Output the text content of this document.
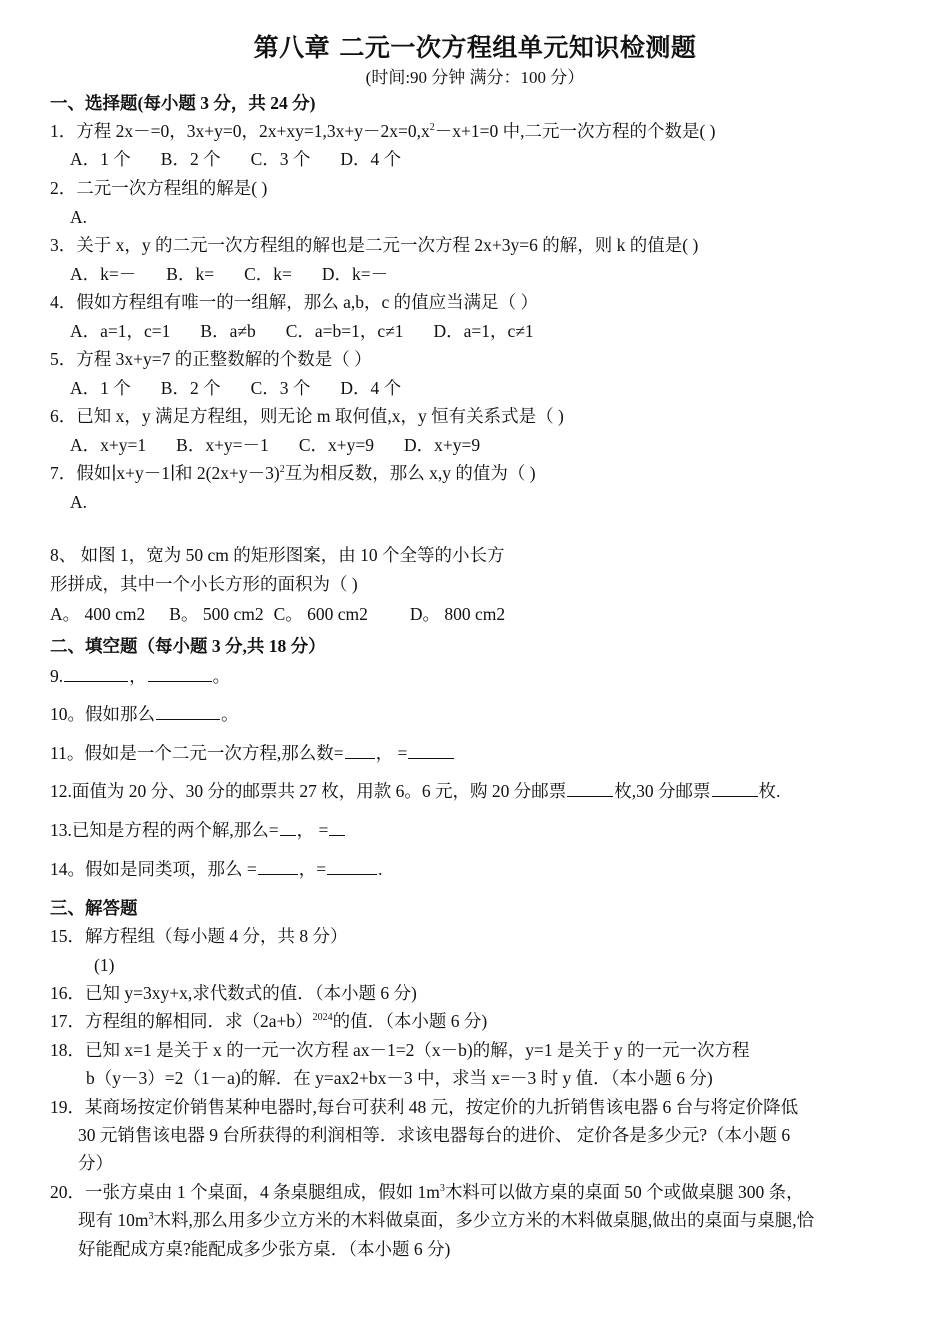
第八章 二元一次方程组单元知识检测题
(时间:90 分钟 满分：100 分）
一、选择题(每小题 3 分，共 24 分)
1．方程 2x－=0，3x+y=0，$2x+xy=1,3x+y-2x=0,x^2-x+1=0$ 中,二元一次方程的个数是( )
A．1 个 B．2 个 C．3 个 D．4 个
2．二元一次方程组的解是( )
A.
3．关于 x，y 的二元一次方程组的解也是二元一次方程 2x+3y=6 的解，则 k 的值是( )
A．k=－ B．k= C．k= D．k=－
4．假如方程组有唯一的一组解，那么 a,b，c 的值应当满足（ ）
A．a=1，c=1 B．a≠b C．a=b=1，c≠1 D．a=1，c≠1
5．方程 3x+y=7 的正整数解的个数是（ ）
A．1 个 B．2 个 C．3 个 D．4 个
6．已知 x，y 满足方程组，则无论 m 取何值,x，y 恒有关系式是（ )
A．x+y=1 B．x+y=－1 C．x+y=9 D．x+y=9
7．假如∣x+y－1∣和 $2(2x+y-3)^2$互为相反数，那么 x,y 的值为（ )
A.
8、 如图 1，宽为 50 cm 的矩形图案，由 10 个全等的小长方
形拼成，其中一个小长方形的面积为（ )
A。 400 cm2 B。 500 cm2 C。 600 cm2 D。 800 cm2
二、填空题（每小题 3 分,共 18 分）
9.	，	。
10。假如那么	。
11。假如是一个二元一次方程,那么数= ， =
12.面值为 20 分、30 分的邮票共 27 枚，用款 6。6 元，购 20 分邮票	枚,30 分邮票	枚.
13.已知是方程的两个解,那么= ， =
14。假如是同类项，那么 = ，=	.
三、解答题
15．解方程组（每小题 4 分，共 8 分）
(1)
16．已知 y=3xy+x,求代数式的值．（本小题 6 分)
17．方程组的解相同．求$(2a+b)^{2024}$的值．（本小题 6 分)
18．已知 x=1 是关于 x 的一元一次方程 ax－1=2（x－b)的解，y=1 是关于 y 的一元一次方程
b（y－3）=2（1－a)的解．在 y=ax2+bx－3 中，求当 x=－3 时 y 值．（本小题 6 分)
19．某商场按定价销售某种电器时,每台可获利 48 元，按定价的九折销售该电器 6 台与将定价降低
30 元销售该电器 9 台所获得的利润相等．求该电器每台的进价、 定价各是多少元?（本小题 6
分）
20．一张方桌由 1 个桌面，4 条桌腿组成，假如 $1m^3$木料可以做方桌的桌面 50 个或做桌腿 300 条，
现有 $10m^3$木料,那么用多少立方米的木料做桌面，多少立方米的木料做桌腿,做出的桌面与桌腿,恰
好能配成方桌?能配成多少张方桌．（本小题 6 分)
